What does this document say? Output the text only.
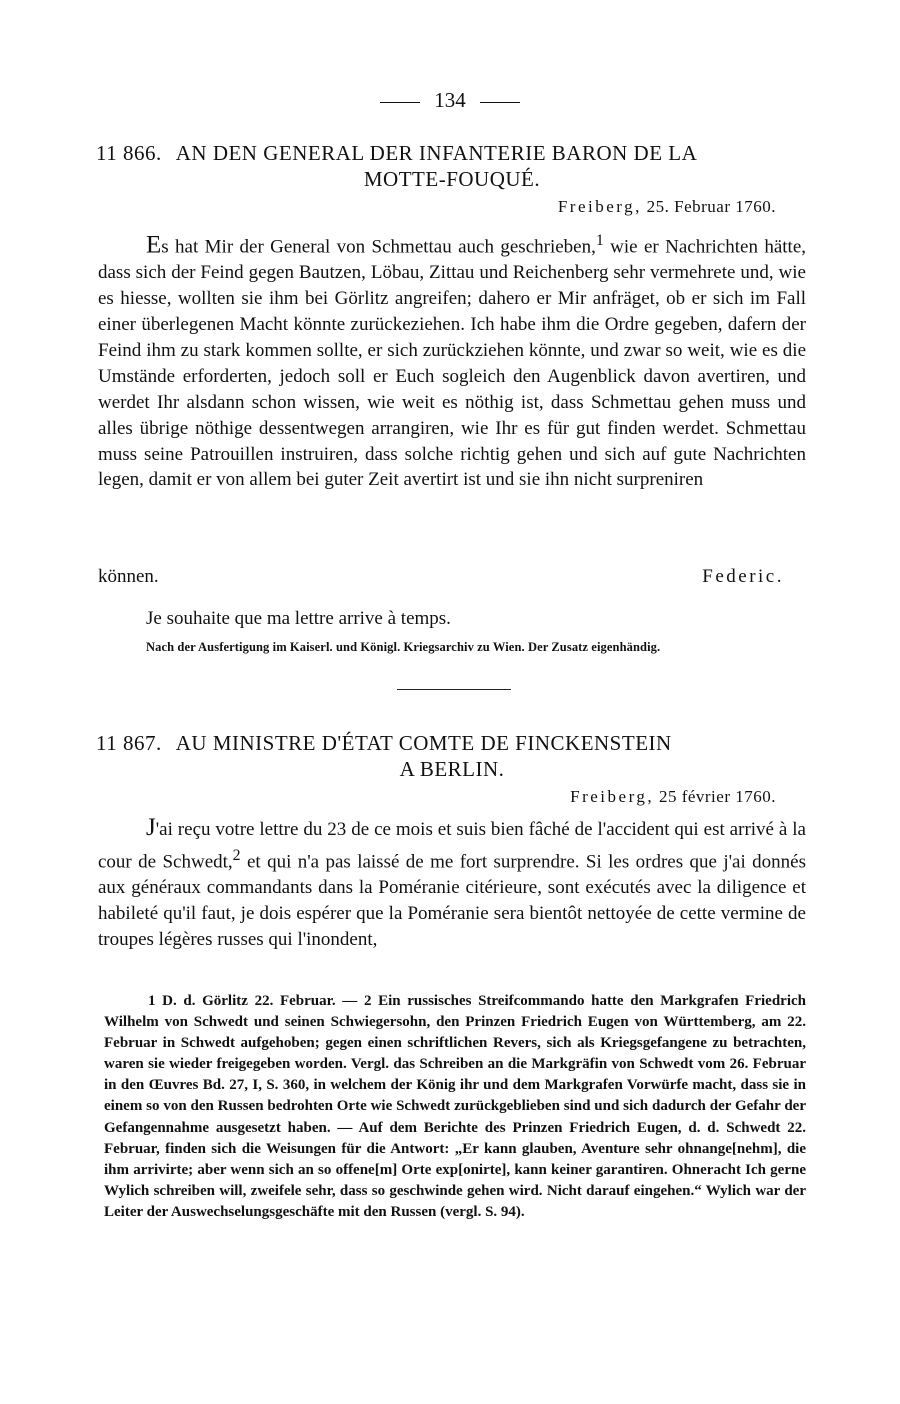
134
11 866. AN DEN GENERAL DER INFANTERIE BARON DE LA
MOTTE-FOUQUÉ.
Freiberg, 25. Februar 1760.

Es hat Mir der General von Schmettau auch geschrieben,$^1$ wie er Nachrichten hätte, dass sich der Feind gegen Bautzen, Löbau, Zittau und Reichenberg sehr vermehrete und, wie es hiesse, wollten sie ihm bei Görlitz angreifen; dahero er Mir anfräget, ob er sich im Fall einer überlegenen Macht könnte zurückeziehen. Ich habe ihm die Ordre gegeben, dafern der Feind ihm zu stark kommen sollte, er sich zurückziehen könnte, und zwar so weit, wie es die Umstände erforderten, jedoch soll er Euch sogleich den Augenblick davon avertiren, und werdet Ihr alsdann schon wissen, wie weit es nöthig ist, dass Schmettau gehen muss und alles übrige nöthige dessentwegen arrangiren, wie Ihr es für gut finden werdet. Schmettau muss seine Patrouillen instruiren, dass solche richtig gehen und sich auf gute Nachrichten legen, damit er von allem bei guter Zeit avertirt ist und sie ihn nicht surpreniren

können.	Federic.
Je souhaite que ma lettre arrive à temps.
Nach der Ausfertigung im Kaiserl. und Königl. Kriegsarchiv zu Wien. Der Zusatz eigenhändig.
11 867. AU MINISTRE D'ÉTAT COMTE DE FINCKENSTEIN
A BERLIN.
Freiberg, 25 février 1760.

J'ai reçu votre lettre du 23 de ce mois et suis bien fâché de l'accident qui est arrivé à la cour de Schwedt,$^2$ et qui n'a pas laissé de me fort surprendre. Si les ordres que j'ai donnés aux généraux commandants dans la Poméranie citérieure, sont exécutés avec la diligence et habileté qu'il faut, je dois espérer que la Poméranie sera bientôt nettoyée de cette vermine de troupes légères russes qui l'inondent,

1 D. d. Görlitz 22. Februar. — 2 Ein russisches Streifcommando hatte den Markgrafen Friedrich Wilhelm von Schwedt und seinen Schwiegersohn, den Prinzen Friedrich Eugen von Württemberg, am 22. Februar in Schwedt aufgehoben; gegen einen schriftlichen Revers, sich als Kriegsgefangene zu betrachten, waren sie wieder freigegeben worden. Vergl. das Schreiben an die Markgräfin von Schwedt vom 26. Februar in den Œuvres Bd. 27, I, S. 360, in welchem der König ihr und dem Markgrafen Vorwürfe macht, dass sie in einem so von den Russen bedrohten Orte wie Schwedt zurückgeblieben sind und sich dadurch der Gefahr der Gefangennahme ausgesetzt haben. — Auf dem Berichte des Prinzen Friedrich Eugen, d. d. Schwedt 22. Februar, finden sich die Weisungen für die Antwort: „Er kann glauben, Aventure sehr ohnange[nehm], die ihm arrivirte; aber wenn sich an so offene[m] Orte exp[onirte], kann keiner garantiren. Ohneracht Ich gerne Wylich schreiben will, zweifele sehr, dass so geschwinde gehen wird. Nicht darauf eingehen.“ Wylich war der Leiter der Auswechselungsgeschäfte mit den Russen (vergl. S. 94).
